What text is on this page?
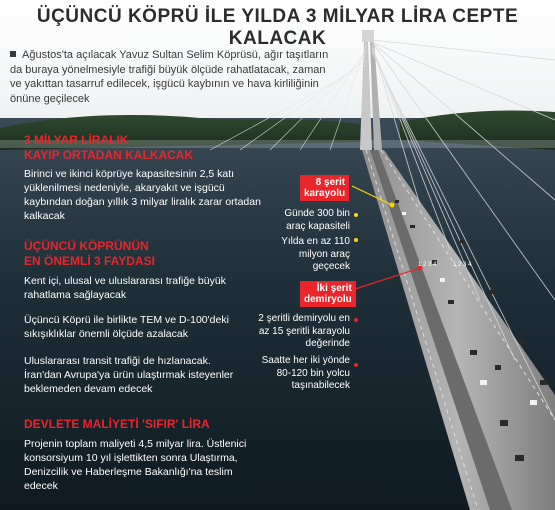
ÜÇÜNCÜ KÖPRÜ İLE YILDA 3 MİLYAR LİRA CEPTE KALACAK
Ağustos'ta açılacak Yavuz Sultan Selim Köprüsü, ağır taşıtların da buraya yönelmesiyle trafiği büyük ölçüde rahatlatacak, zaman ve yakıttan tasarruf edilecek, işgücü kaybının ve hava kirliliğinin önüne geçilecek
3 MİLYAR LİRALIK
KAYIP ORTADAN KALKACAK
Birinci ve ikinci köprüye kapasitesinin 2,5 katı yüklenilmesi nedeniyle, akaryakıt ve işgücü kaybından doğan yıllık 3 milyar liralık zarar ortadan kalkacak
ÜÇÜNCÜ KÖPRÜNÜN
EN ÖNEMLİ 3 FAYDASI
Kent içi, ulusal ve uluslararası trafiğe büyük rahatlama sağlayacak
Üçüncü Köprü ile birlikte TEM ve D-100'deki sıkışıklıklar önemli ölçüde azalacak
Uluslararası transit trafiği de hızlanacak. İran'dan Avrupa'ya ürün ulaştırmak isteyenler beklemeden devam edecek
DEVLETE MALİYETİ 'SIFIR' LİRA
Projenin toplam maliyeti 4,5 milyar lira. Üstlenici konsorsiyum 10 yıl işlettikten sonra Ulaştırma, Denizcilik ve Haberleşme Bakanlığı'na teslim edecek
8 şerit
karayolu
Günde 300 bin araç kapasiteli
Yılda en az 110 milyon araç geçecek
İki şerit
demiryolu
2 şeritli demiryolu en az 15 şeritli karayolu değerinde
Saatte her iki yönde 80-120 bin yolcu taşınabilecek
1 2 3 4          1 2 3 4
